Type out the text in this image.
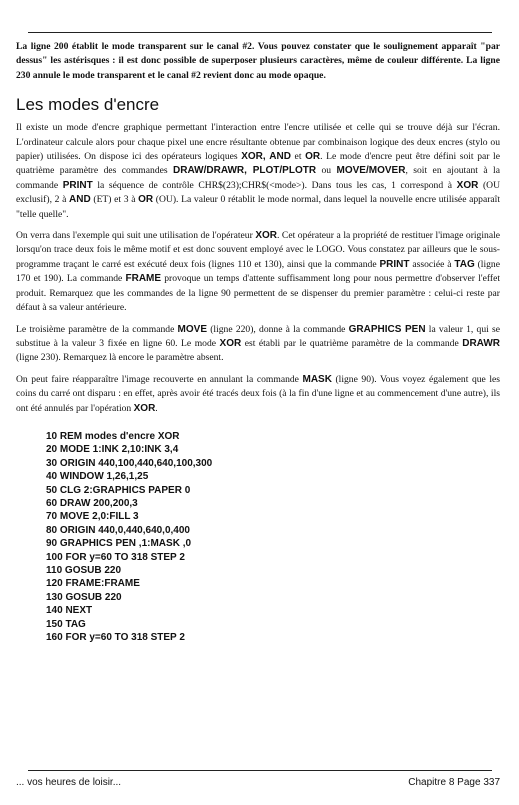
La ligne 200 établit le mode transparent sur le canal #2. Vous pouvez constater que le soulignement apparaît "par dessus" les astérisques : il est donc possible de superposer plusieurs caractères, même de couleur différente. La ligne 230 annule le mode transparent et le canal #2 revient donc au mode opaque.

Les modes d'encre

Il existe un mode d'encre graphique permettant l'interaction entre l'encre utilisée et celle qui se trouve déjà sur l'écran. L'ordinateur calcule alors pour chaque pixel une encre résultante obtenue par combinaison logique des deux encres (stylo ou papier) utilisées. On dispose ici des opérateurs logiques XOR, AND et OR. Le mode d'encre peut être défini soit par le quatrième paramètre des commandes DRAW/DRAWR, PLOT/PLOTR ou MOVE/MOVER, soit en ajoutant à la commande PRINT la séquence de contrôle CHR$(23);CHR$(<mode>). Dans tous les cas, 1 correspond à XOR (OU exclusif), 2 à AND (ET) et 3 à OR (OU). La valeur 0 rétablit le mode normal, dans lequel la nouvelle encre utilisée apparaît "telle quelle".

On verra dans l'exemple qui suit une utilisation de l'opérateur XOR. Cet opérateur a la propriété de restituer l'image originale lorsqu'on trace deux fois le même motif et est donc souvent employé avec le LOGO. Vous constatez par ailleurs que le sous-programme traçant le carré est exécuté deux fois (lignes 110 et 130), ainsi que la commande PRINT associée à TAG (ligne 170 et 190). La commande FRAME provoque un temps d'attente suffisamment long pour nous permettre d'observer l'effet produit. Remarquez que les commandes de la ligne 90 permettent de se dispenser du premier paramètre : celui-ci reste par défaut à sa valeur antérieure.

Le troisième paramètre de la commande MOVE (ligne 220), donne à la commande GRAPHICS PEN la valeur 1, qui se substitue à la valeur 3 fixée en ligne 60. Le mode XOR est établi par le quatrième paramètre de la commande DRAWR (ligne 230). Remarquez là encore le paramètre absent.

On peut faire réapparaître l'image recouverte en annulant la commande MASK (ligne 90). Vous voyez également que les coins du carré ont disparu : en effet, après avoir été tracés deux fois (à la fin d'une ligne et au commencement d'une autre), ils ont été annulés par l'opération XOR.

10 REM modes d'encre XOR
20 MODE 1:INK 2,10:INK 3,4
30 ORIGIN 440,100,440,640,100,300
40 WINDOW 1,26,1,25
50 CLG 2:GRAPHICS PAPER 0
60 DRAW 200,200,3
70 MOVE 2,0:FILL 3
80 ORIGIN 440,0,440,640,0,400
90 GRAPHICS PEN ,1:MASK ,0
100 FOR y=60 TO 318 STEP 2
110 GOSUB 220
120 FRAME:FRAME
130 GOSUB 220
140 NEXT
150 TAG
160 FOR y=60 TO 318 STEP 2
... vos heures de loisir...	Chapitre 8 Page 337
